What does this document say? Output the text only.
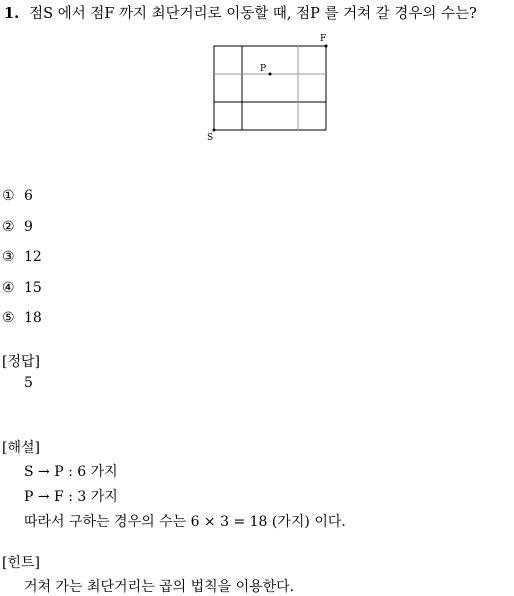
1. 점S 에서 점F 까지 최단거리로 이동할 때, 점P 를 거쳐 갈 경우의 수는?
S
F
P
① 6
② 9
③ 12
④ 15
⑤ 18
[정답]
5
[해설]
S → P : 6 가지
P → F : 3 가지
따라서 구하는 경우의 수는 6 × 3 = 18 (가지) 이다.
[힌트]
거쳐 가는 최단거리는 곱의 법칙을 이용한다.
